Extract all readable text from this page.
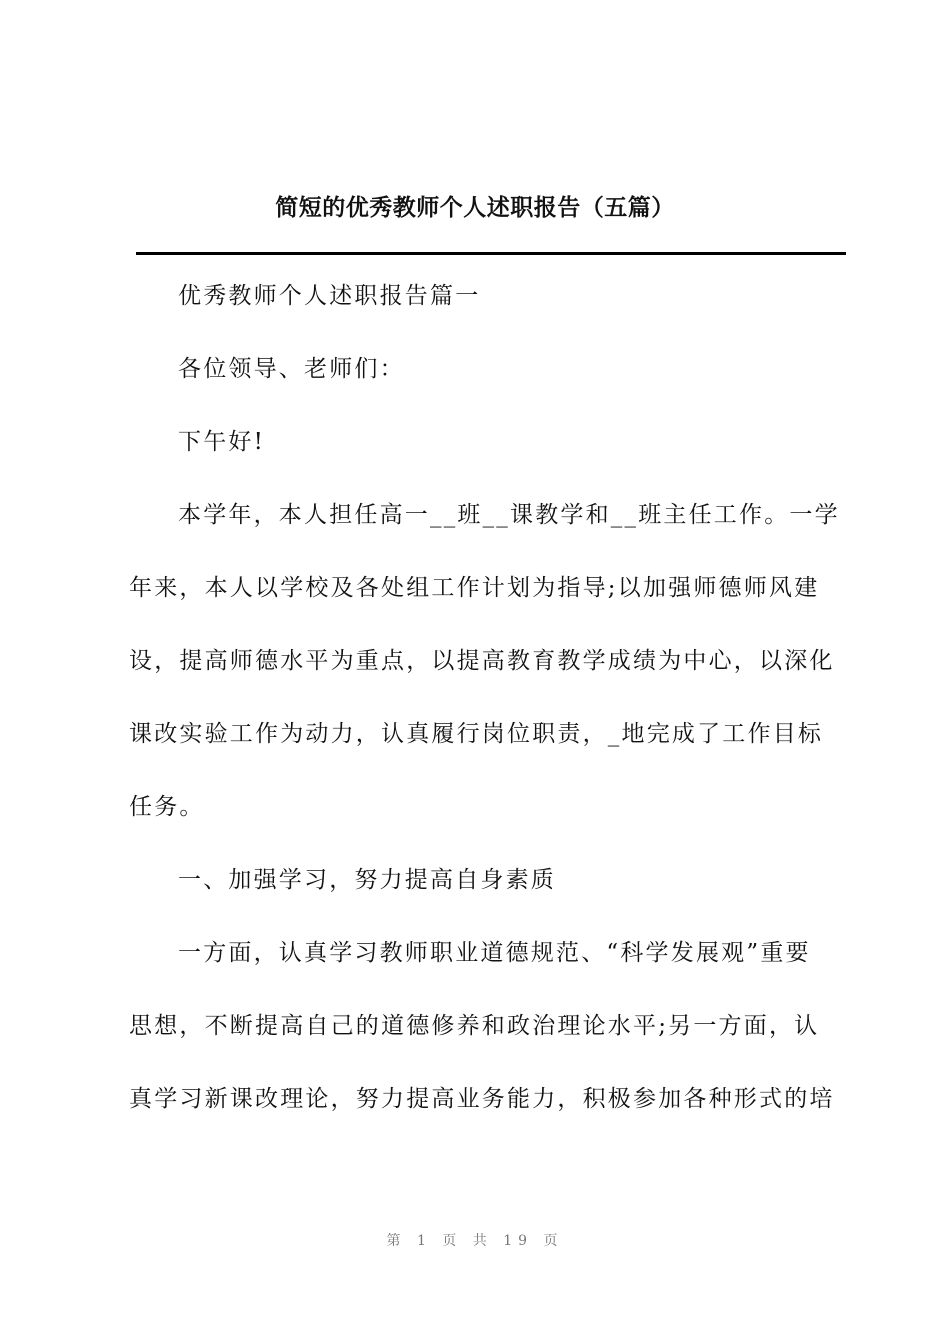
简短的优秀教师个人述职报告（五篇）
优秀教师个人述职报告篇一
各位领导、老师们：
下午好!
本学年，本人担任高一__班__课教学和__班主任工作。一学
年来，本人以学校及各处组工作计划为指导;以加强师德师风建
设，提高师德水平为重点，以提高教育教学成绩为中心，以深化
课改实验工作为动力，认真履行岗位职责，_地完成了工作目标
任务。
一、加强学习，努力提高自身素质
一方面，认真学习教师职业道德规范、“科学发展观”重要
思想，不断提高自己的道德修养和政治理论水平;另一方面，认
真学习新课改理论，努力提高业务能力，积极参加各种形式的培
第 1 页 共 19 页
